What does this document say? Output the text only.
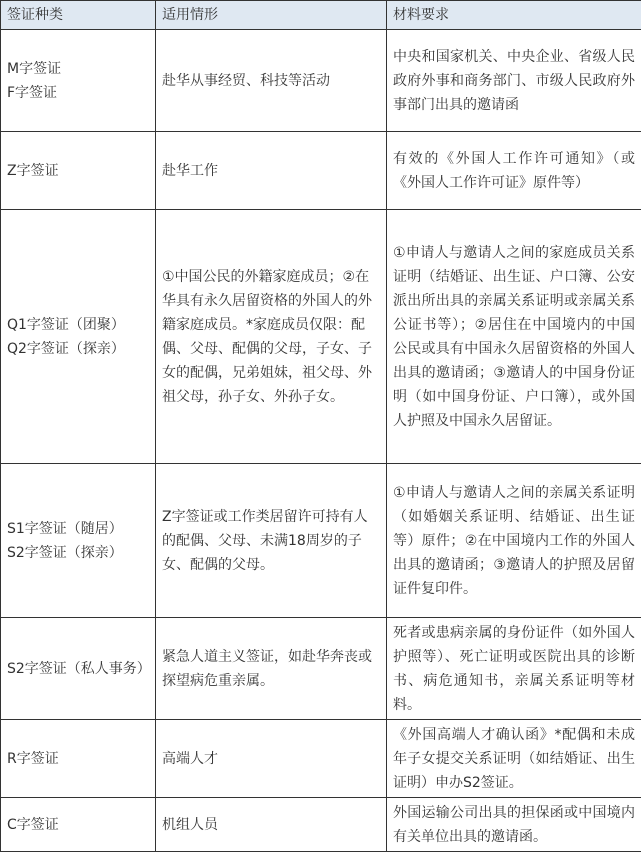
签证种类	适用情形	材料要求

M字签证
F字签证	赴华从事经贸、科技等活动	中央和国家机关、中央企业、省级人民政府外事和商务部门、市级人民政府外事部门出具的邀请函

Z字签证	赴华工作	有效的《外国人工作许可通知》（或《外国人工作许可证》原件等）

Q1字签证（团聚）
Q2字签证（探亲）	①中国公民的外籍家庭成员；②在华具有永久居留资格的外国人的外籍家庭成员。*家庭成员仅限：配偶、父母、配偶的父母，子女、子女的配偶，兄弟姐妹，祖父母、外祖父母，孙子女、外孙子女。	①申请人与邀请人之间的家庭成员关系证明（结婚证、出生证、户口簿、公安派出所出具的亲属关系证明或亲属关系公证书等）；②居住在中国境内的中国公民或具有中国永久居留资格的外国人出具的邀请函；③邀请人的中国身份证明（如中国身份证、户口簿），或外国人护照及中国永久居留证。

S1字签证（随居）
S2字签证（探亲）	Z字签证或工作类居留许可持有人的配偶、父母、未满18周岁的子女、配偶的父母。	①申请人与邀请人之间的亲属关系证明（如婚姻关系证明、结婚证、出生证等）原件；②在中国境内工作的外国人出具的邀请函；③邀请人的护照及居留证件复印件。

S2字签证（私人事务）	紧急人道主义签证，如赴华奔丧或探望病危重亲属。	死者或患病亲属的身份证件（如外国人护照等）、死亡证明或医院出具的诊断书、病危通知书，亲属关系证明等材料。

R字签证	高端人才	《外国高端人才确认函》*配偶和未成年子女提交关系证明（如结婚证、出生证明）申办S2签证。

C字签证	机组人员	外国运输公司出具的担保函或中国境内有关单位出具的邀请函。
